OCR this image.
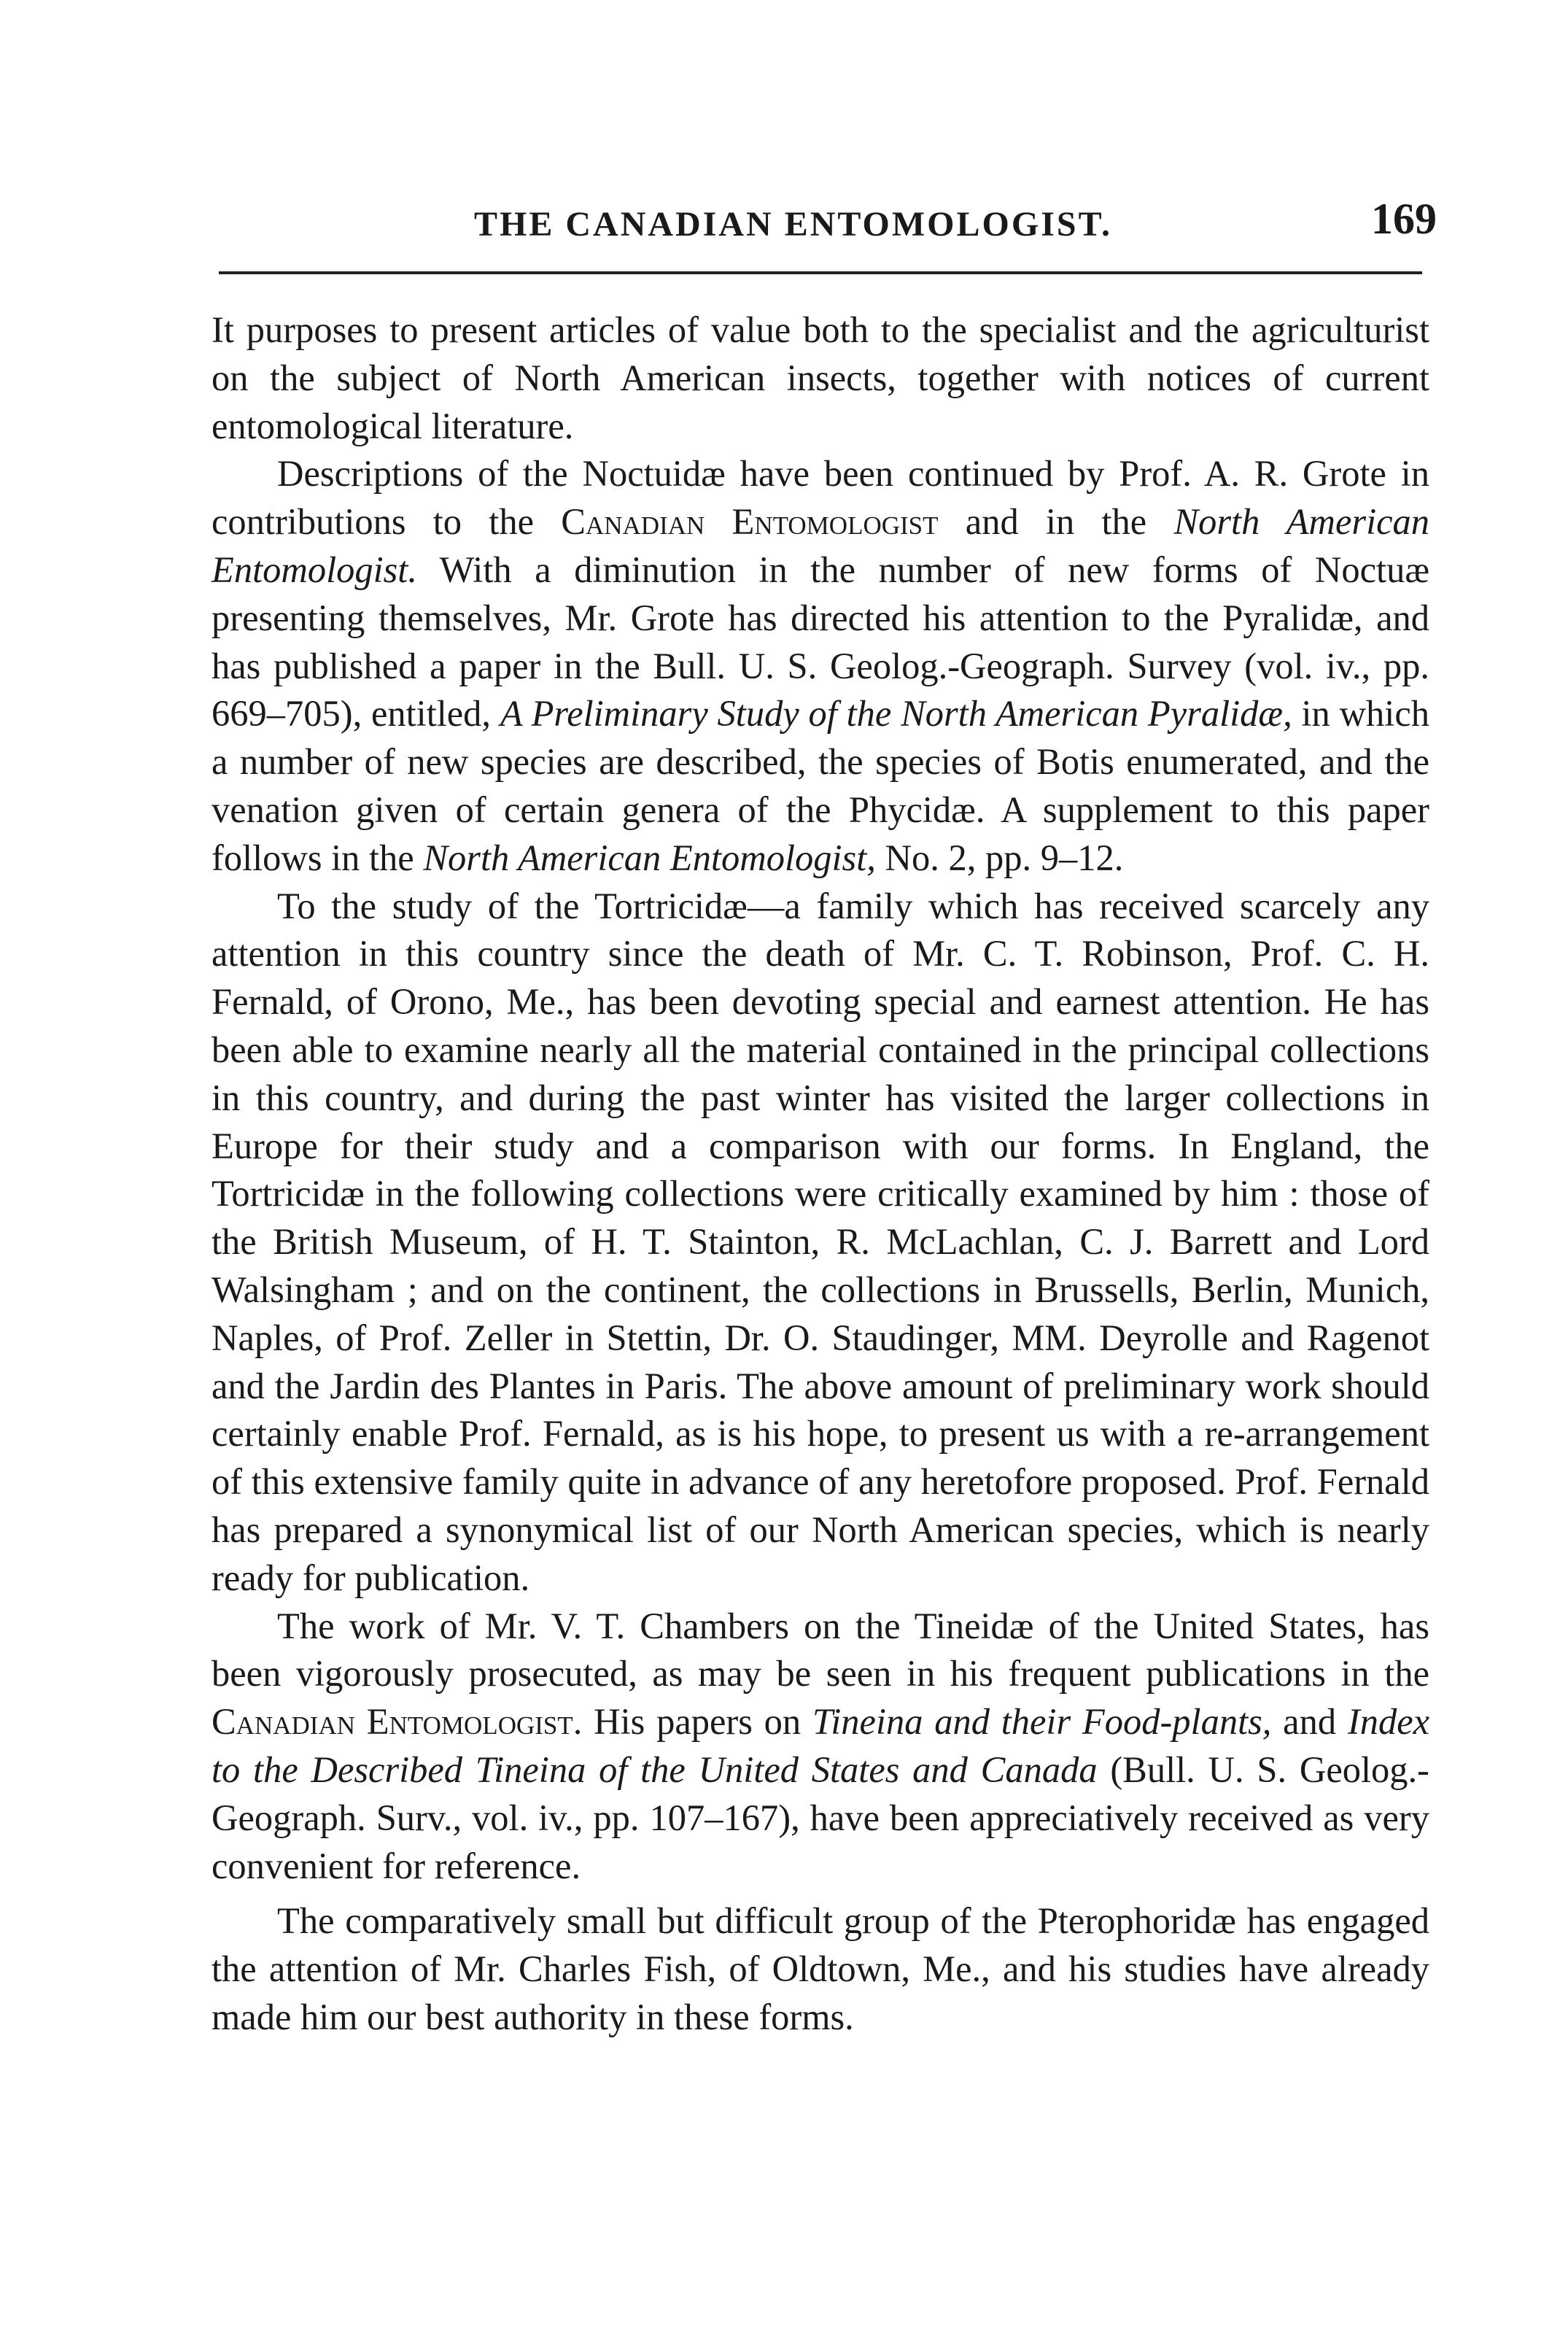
THE CANADIAN ENTOMOLOGIST.	169

It purposes to present articles of value both to the specialist and the agriculturist on the subject of North American insects, together with notices of current entomological literature.

Descriptions of the Noctuidæ have been continued by Prof. A. R. Grote in contributions to the Canadian Entomologist and in the North American Entomologist. With a diminution in the number of new forms of Noctuæ presenting themselves, Mr. Grote has directed his attention to the Pyralidæ, and has published a paper in the Bull. U. S. Geolog.-Geograph. Survey (vol. iv., pp. 669–705), entitled, A Preliminary Study of the North American Pyralidæ, in which a number of new species are described, the species of Botis enumerated, and the venation given of certain genera of the Phycidæ. A supplement to this paper follows in the North American Entomologist, No. 2, pp. 9–12.

To the study of the Tortricidæ—a family which has received scarcely any attention in this country since the death of Mr. C. T. Robinson, Prof. C. H. Fernald, of Orono, Me., has been devoting special and earnest attention. He has been able to examine nearly all the material contained in the principal collections in this country, and during the past winter has visited the larger collections in Europe for their study and a comparison with our forms. In England, the Tortricidæ in the following collections were critically examined by him : those of the British Museum, of H. T. Stainton, R. McLachlan, C. J. Barrett and Lord Walsingham ; and on the continent, the collections in Brussells, Berlin, Munich, Naples, of Prof. Zeller in Stettin, Dr. O. Staudinger, MM. Deyrolle and Ragenot and the Jardin des Plantes in Paris. The above amount of preliminary work should certainly enable Prof. Fernald, as is his hope, to present us with a re-arrangement of this extensive family quite in advance of any heretofore proposed. Prof. Fernald has prepared a synonymical list of our North American species, which is nearly ready for publication.

The work of Mr. V. T. Chambers on the Tineidæ of the United States, has been vigorously prosecuted, as may be seen in his frequent publications in the Canadian Entomologist. His papers on Tineina and their Food-plants, and Index to the Described Tineina of the United States and Canada (Bull. U. S. Geolog.-Geograph. Surv., vol. iv., pp. 107–167), have been appreciatively received as very convenient for reference.

The comparatively small but difficult group of the Pterophoridæ has engaged the attention of Mr. Charles Fish, of Oldtown, Me., and his studies have already made him our best authority in these forms.
